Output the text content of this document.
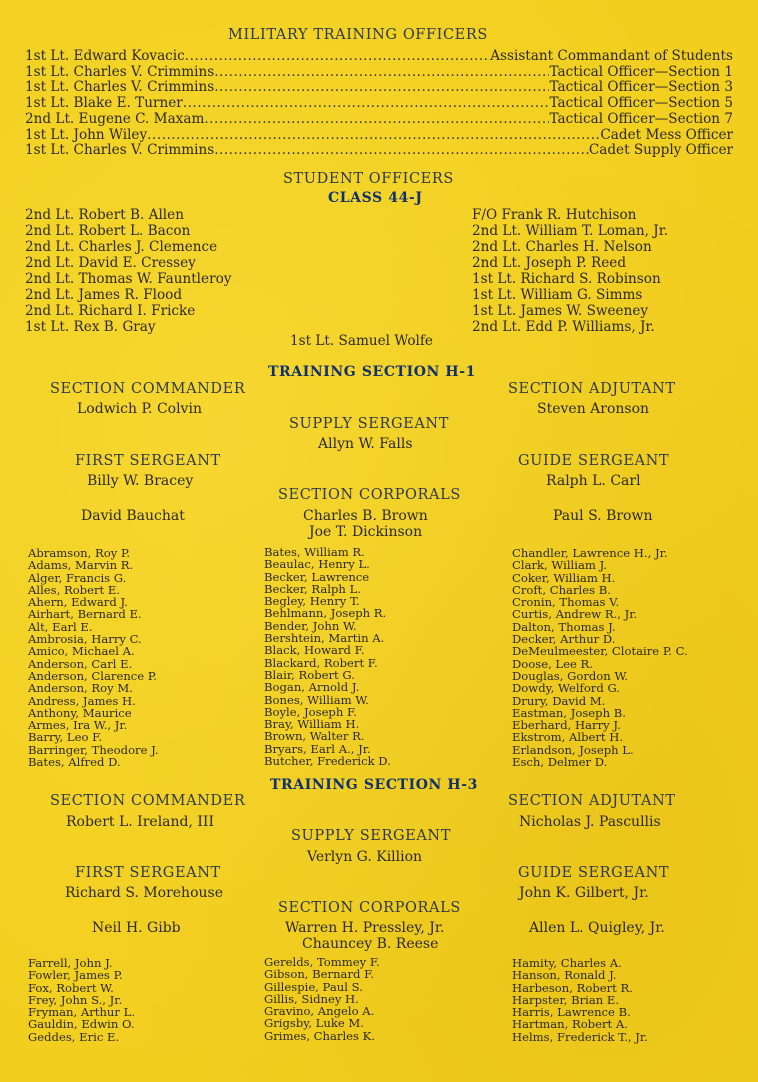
MILITARY TRAINING OFFICERS
1st Lt. Edward Kovacic .....	Assistant Commandant of Students
1st Lt. Charles V. Crimmins .....	Tactical Officer—Section 1
1st Lt. Charles V. Crimmins .....	Tactical Officer—Section 3
1st Lt. Blake E. Turner .....	Tactical Officer—Section 5
2nd Lt. Eugene C. Maxam .....	Tactical Officer—Section 7
1st Lt. John Wiley .....	Cadet Mess Officer
1st Lt. Charles V. Crimmins .....	Cadet Supply Officer
STUDENT OFFICERS
CLASS 44-J
2nd Lt. Robert B. Allen
2nd Lt. Robert L. Bacon
2nd Lt. Charles J. Clemence
2nd Lt. David E. Cressey
2nd Lt. Thomas W. Fauntleroy
2nd Lt. James R. Flood
2nd Lt. Richard I. Fricke
1st Lt. Rex B. Gray
F/O Frank R. Hutchison
2nd Lt. William T. Loman, Jr.
2nd Lt. Charles H. Nelson
2nd Lt. Joseph P. Reed
1st Lt. Richard S. Robinson
1st Lt. William G. Simms
1st Lt. James W. Sweeney
2nd Lt. Edd P. Williams, Jr.
1st Lt. Samuel Wolfe
TRAINING SECTION H-1
SECTION COMMANDER
Lodwich P. Colvin
SECTION ADJUTANT
Steven Aronson
SUPPLY SERGEANT
Allyn W. Falls
FIRST SERGEANT
Billy W. Bracey
GUIDE SERGEANT
Ralph L. Carl
SECTION CORPORALS
David Bauchat	Charles B. Brown
Joe T. Dickinson
Paul S. Brown
Abramson, Roy P.
Adams, Marvin R.
Alger, Francis G.
Alles, Robert E.
Ahern, Edward J.
Airhart, Bernard E.
Alt, Earl E.
Ambrosia, Harry C.
Amico, Michael A.
Anderson, Carl E.
Anderson, Clarence P.
Anderson, Roy M.
Andress, James H.
Anthony, Maurice
Armes, Ira W., Jr.
Barry, Leo F.
Barringer, Theodore J.
Bates, Alfred D.
Bates, William R.
Beaulac, Henry L.
Becker, Lawrence
Becker, Ralph L.
Begley, Henry T.
Behlmann, Joseph R.
Bender, John W.
Bershtein, Martin A.
Black, Howard F.
Blackard, Robert F.
Blair, Robert G.
Bogan, Arnold J.
Bones, William W.
Boyle, Joseph F.
Bray, William H.
Brown, Walter R.
Bryars, Earl A., Jr.
Butcher, Frederick D.
Chandler, Lawrence H., Jr.
Clark, William J.
Coker, William H.
Croft, Charles B.
Cronin, Thomas V.
Curtis, Andrew R., Jr.
Dalton, Thomas J.
Decker, Arthur D.
DeMeulmeester, Clotaire P. C.
Doose, Lee R.
Douglas, Gordon W.
Dowdy, Welford G.
Drury, David M.
Eastman, Joseph B.
Eberhard, Harry J.
Ekstrom, Albert H.
Erlandson, Joseph L.
Esch, Delmer D.
TRAINING SECTION H-3
SECTION COMMANDER
Robert L. Ireland, III
SECTION ADJUTANT
Nicholas J. Pascullis
SUPPLY SERGEANT
Verlyn G. Killion
FIRST SERGEANT
Richard S. Morehouse
GUIDE SERGEANT
John K. Gilbert, Jr.
SECTION CORPORALS
Neil H. Gibb	Warren H. Pressley, Jr.
Chauncey B. Reese
Allen L. Quigley, Jr.
Farrell, John J.
Fowler, James P.
Fox, Robert W.
Frey, John S., Jr.
Fryman, Arthur L.
Gauldin, Edwin O.
Geddes, Eric E.
Gerelds, Tommey F.
Gibson, Bernard F.
Gillespie, Paul S.
Gillis, Sidney H.
Gravino, Angelo A.
Grigsby, Luke M.
Grimes, Charles K.
Hamity, Charles A.
Hanson, Ronald J.
Harbeson, Robert R.
Harpster, Brian E.
Harris, Lawrence B.
Hartman, Robert A.
Helms, Frederick T., Jr.
